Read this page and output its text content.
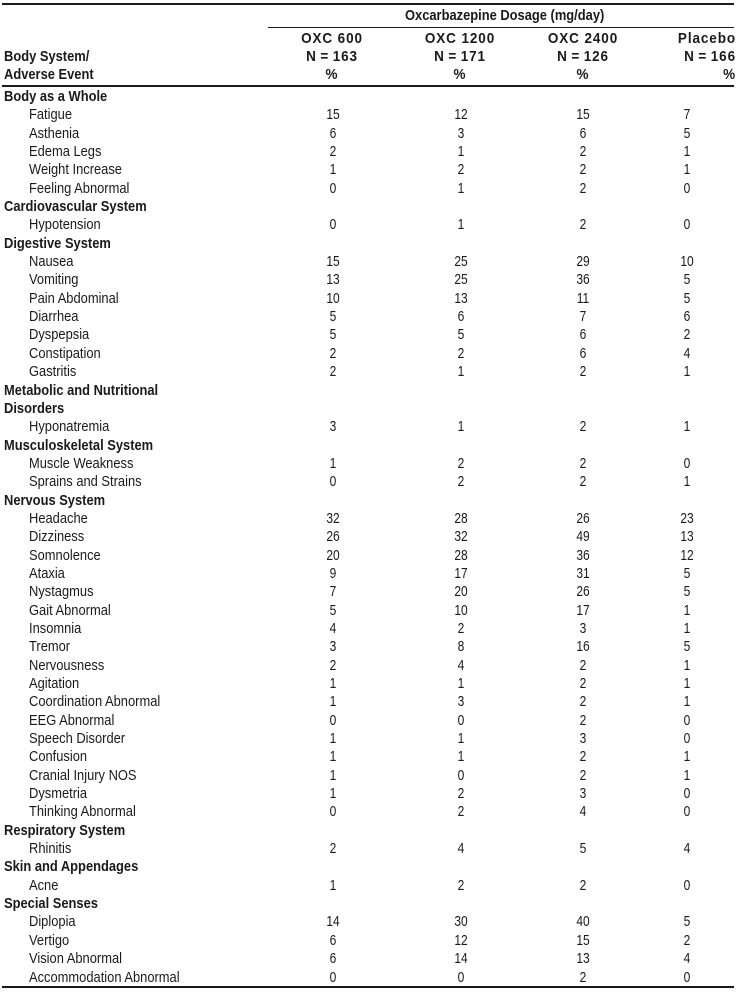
Oxcarbazepine Dosage (mg/day)
Body System/
Adverse Event
OXC 600
N = 163
%
OXC 1200
N = 171
%
OXC 2400
N = 126
%
Placebo
N = 166
%
Body as a Whole
Fatigue	15	12	15	7
Asthenia	6	3	6	5
Edema Legs	2	1	2	1
Weight Increase	1	2	2	1
Feeling Abnormal	0	1	2	0
Cardiovascular System
Hypotension	0	1	2	0
Digestive System
Nausea	15	25	29	10
Vomiting	13	25	36	5
Pain Abdominal	10	13	11	5
Diarrhea	5	6	7	6
Dyspepsia	5	5	6	2
Constipation	2	2	6	4
Gastritis	2	1	2	1
Metabolic and Nutritional
Disorders
Hyponatremia	3	1	2	1
Musculoskeletal System
Muscle Weakness	1	2	2	0
Sprains and Strains	0	2	2	1
Nervous System
Headache	32	28	26	23
Dizziness	26	32	49	13
Somnolence	20	28	36	12
Ataxia	9	17	31	5
Nystagmus	7	20	26	5
Gait Abnormal	5	10	17	1
Insomnia	4	2	3	1
Tremor	3	8	16	5
Nervousness	2	4	2	1
Agitation	1	1	2	1
Coordination Abnormal	1	3	2	1
EEG Abnormal	0	0	2	0
Speech Disorder	1	1	3	0
Confusion	1	1	2	1
Cranial Injury NOS	1	0	2	1
Dysmetria	1	2	3	0
Thinking Abnormal	0	2	4	0
Respiratory System
Rhinitis	2	4	5	4
Skin and Appendages
Acne	1	2	2	0
Special Senses
Diplopia	14	30	40	5
Vertigo	6	12	15	2
Vision Abnormal	6	14	13	4
Accommodation Abnormal	0	0	2	0
